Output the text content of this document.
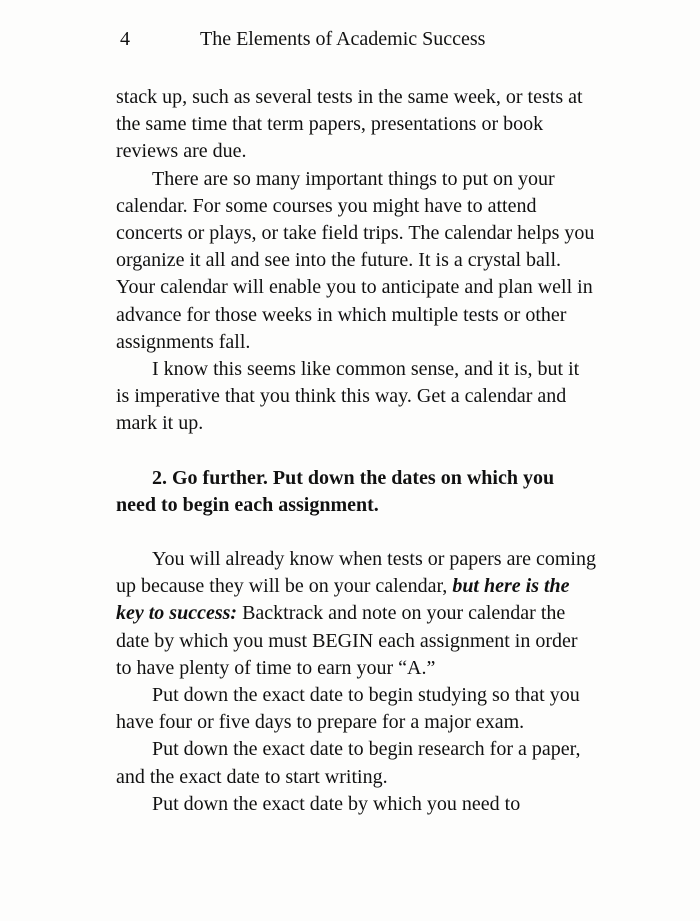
4	The Elements of Academic Success

stack up, such as several tests in the same week, or tests at the same time that term papers, presentations or book reviews are due.

There are so many important things to put on your calendar. For some courses you might have to attend concerts or plays, or take field trips. The calendar helps you organize it all and see into the future. It is a crystal ball. Your calendar will enable you to anticipate and plan well in advance for those weeks in which multiple tests or other assignments fall.

I know this seems like common sense, and it is, but it is imperative that you think this way. Get a calendar and mark it up.

2. Go further. Put down the dates on which you need to begin each assignment.

You will already know when tests or papers are coming up because they will be on your calendar, but here is the key to success: Backtrack and note on your calendar the date by which you must BEGIN each assignment in order to have plenty of time to earn your “A.”

Put down the exact date to begin studying so that you have four or five days to prepare for a major exam.

Put down the exact date to begin research for a paper, and the exact date to start writing.

Put down the exact date by which you need to
